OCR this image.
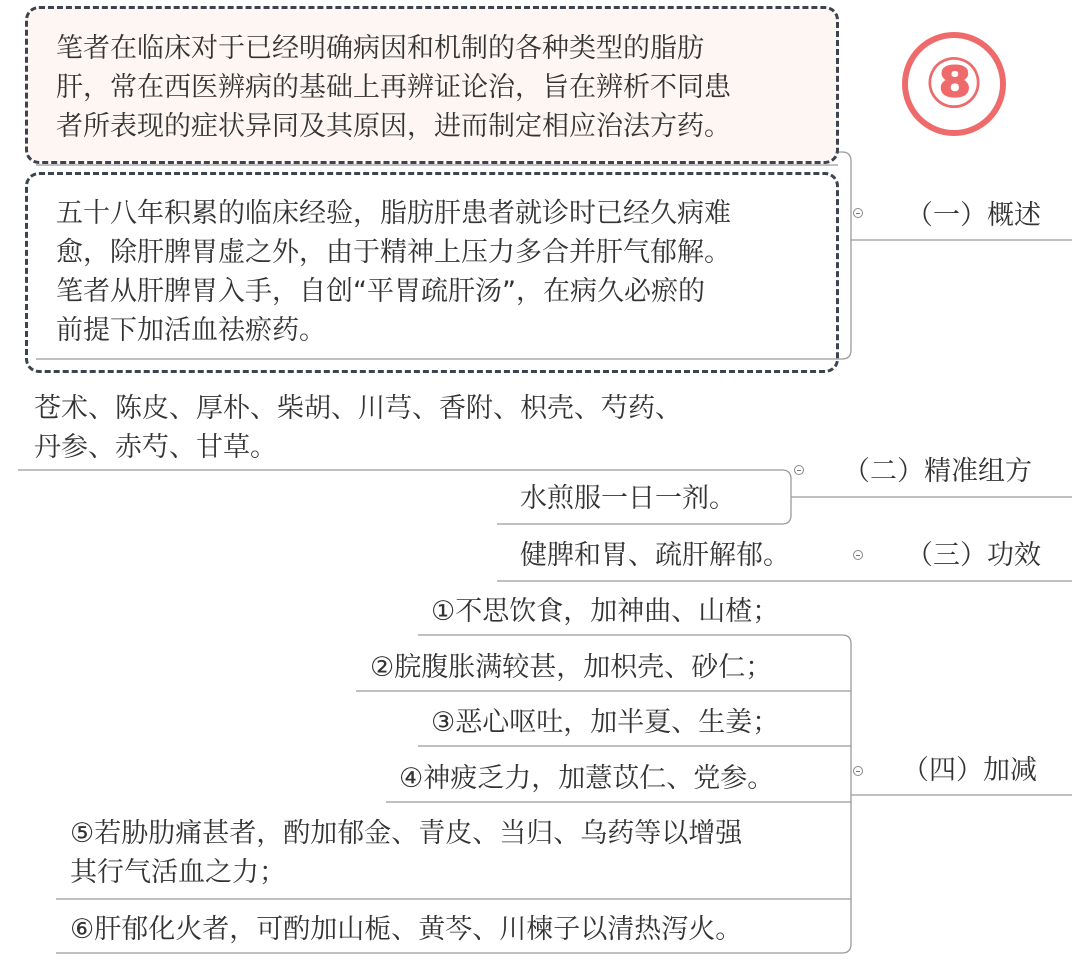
笔者在临床对于已经明确病因和机制的各种类型的脂肪
肝，常在西医辨病的基础上再辨证论治，旨在辨析不同患
者所表现的症状异同及其原因，进而制定相应治法方药。

五十八年积累的临床经验，脂肪肝患者就诊时已经久病难
愈，除肝脾胃虚之外，由于精神上压力多合并肝气郁解。
笔者从肝脾胃入手，自创“平胃疏肝汤”，在病久必瘀的
前提下加活血祛瘀药。

⑧

（一）概述

（二）精准组方

（三）功效

（四）加减

苍术、陈皮、厚朴、柴胡、川芎、香附、枳壳、芍药、
丹参、赤芍、甘草。

水煎服一日一剂。

健脾和胃、疏肝解郁。

①不思饮食，加神曲、山楂；

②脘腹胀满较甚，加枳壳、砂仁；

③恶心呕吐，加半夏、生姜；

④神疲乏力，加薏苡仁、党参。

⑤若胁肋痛甚者，酌加郁金、青皮、当归、乌药等以增强
其行气活血之力；

⑥肝郁化火者，可酌加山栀、黄芩、川楝子以清热泻火。
